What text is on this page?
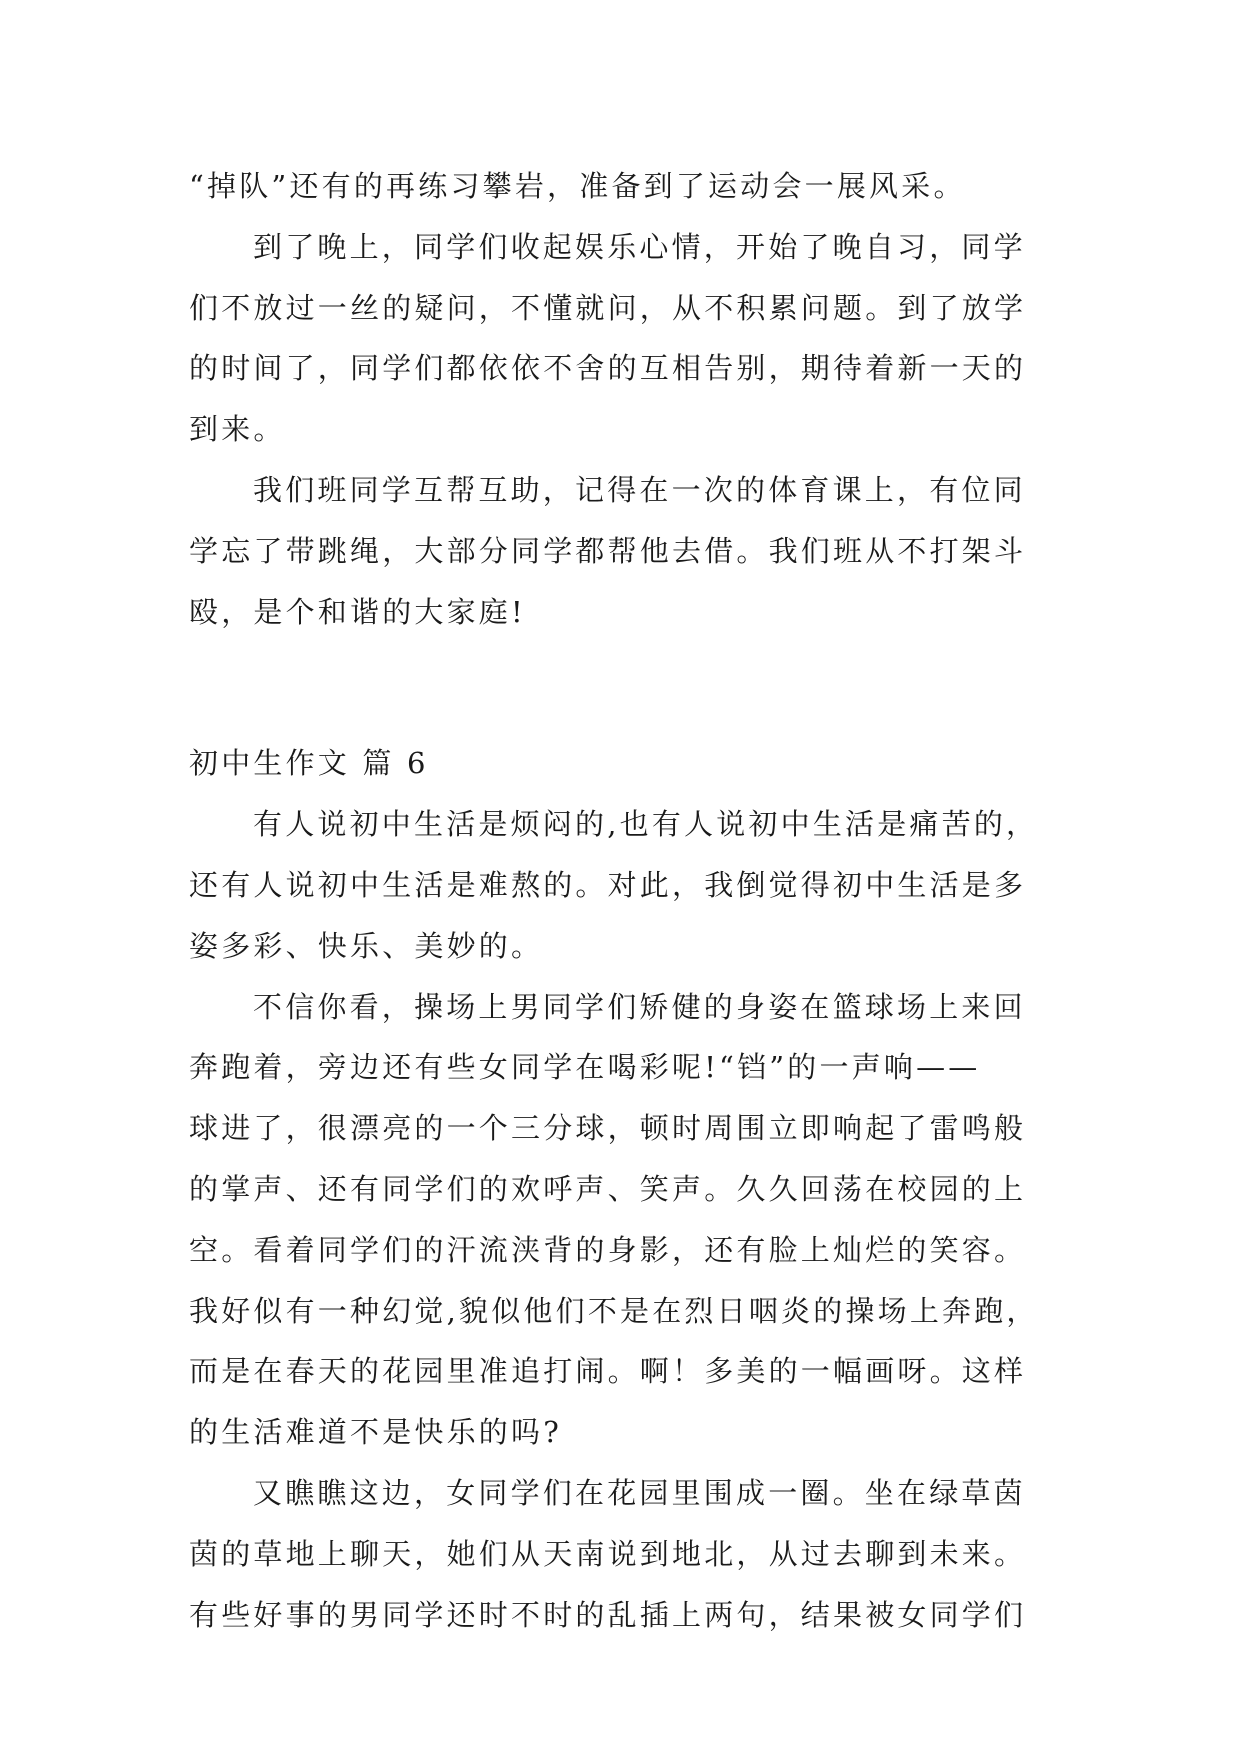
“掉队”还有的再练习攀岩，准备到了运动会一展风采。
到了晚上，同学们收起娱乐心情，开始了晚自习，同学
们不放过一丝的疑问，不懂就问，从不积累问题。到了放学
的时间了，同学们都依依不舍的互相告别，期待着新一天的
到来。
我们班同学互帮互助，记得在一次的体育课上，有位同
学忘了带跳绳，大部分同学都帮他去借。我们班从不打架斗
殴，是个和谐的大家庭!
初中生作文 篇 6
有人说初中生活是烦闷的,也有人说初中生活是痛苦的，
还有人说初中生活是难熬的。对此，我倒觉得初中生活是多
姿多彩、快乐、美妙的。
不信你看，操场上男同学们矫健的身姿在篮球场上来回
奔跑着，旁边还有些女同学在喝彩呢!“铛”的一声响——
球进了，很漂亮的一个三分球，顿时周围立即响起了雷鸣般
的掌声、还有同学们的欢呼声、笑声。久久回荡在校园的上
空。看着同学们的汗流浃背的身影，还有脸上灿烂的笑容。
我好似有一种幻觉,貌似他们不是在烈日咽炎的操场上奔跑，
而是在春天的花园里准追打闹。啊！多美的一幅画呀。这样
的生活难道不是快乐的吗?
又瞧瞧这边，女同学们在花园里围成一圈。坐在绿草茵
茵的草地上聊天，她们从天南说到地北，从过去聊到未来。
有些好事的男同学还时不时的乱插上两句，结果被女同学们
